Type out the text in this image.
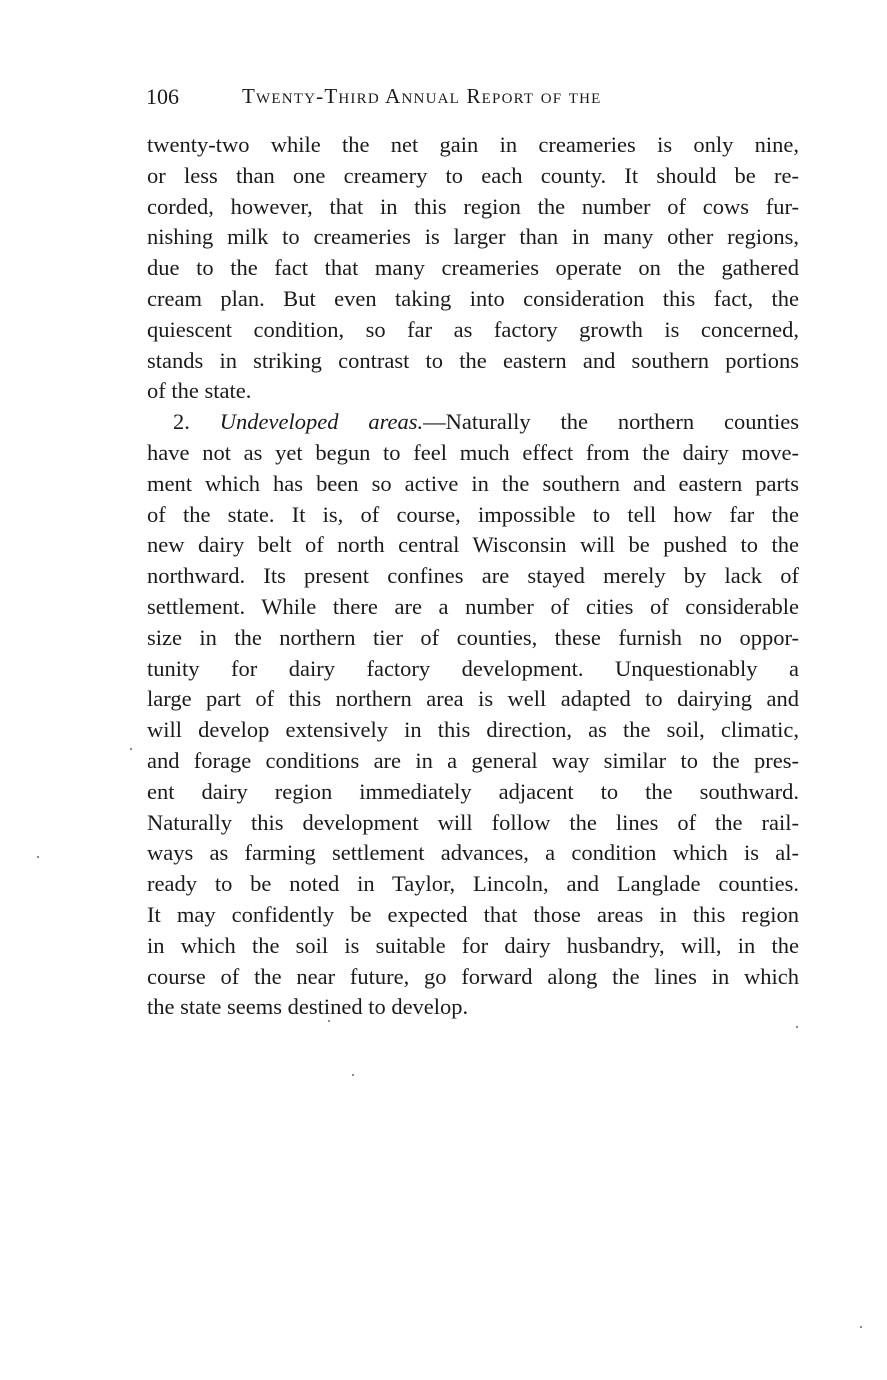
106	Twenty-Third Annual Report of the
twenty-two while the net gain in creameries is only nine,
or less than one creamery to each county. It should be re-
corded, however, that in this region the number of cows fur-
nishing milk to creameries is larger than in many other regions,
due to the fact that many creameries operate on the gathered
cream plan. But even taking into consideration this fact, the
quiescent condition, so far as factory growth is concerned,
stands in striking contrast to the eastern and southern portions
of the state.
2. Undeveloped areas.—Naturally the northern counties
have not as yet begun to feel much effect from the dairy move-
ment which has been so active in the southern and eastern parts
of the state. It is, of course, impossible to tell how far the
new dairy belt of north central Wisconsin will be pushed to the
northward. Its present confines are stayed merely by lack of
settlement. While there are a number of cities of considerable
size in the northern tier of counties, these furnish no oppor-
tunity for dairy factory development. Unquestionably a
large part of this northern area is well adapted to dairying and
will develop extensively in this direction, as the soil, climatic,
and forage conditions are in a general way similar to the pres-
ent dairy region immediately adjacent to the southward.
Naturally this development will follow the lines of the rail-
ways as farming settlement advances, a condition which is al-
ready to be noted in Taylor, Lincoln, and Langlade counties.
It may confidently be expected that those areas in this region
in which the soil is suitable for dairy husbandry, will, in the
course of the near future, go forward along the lines in which
the state seems destined to develop.
